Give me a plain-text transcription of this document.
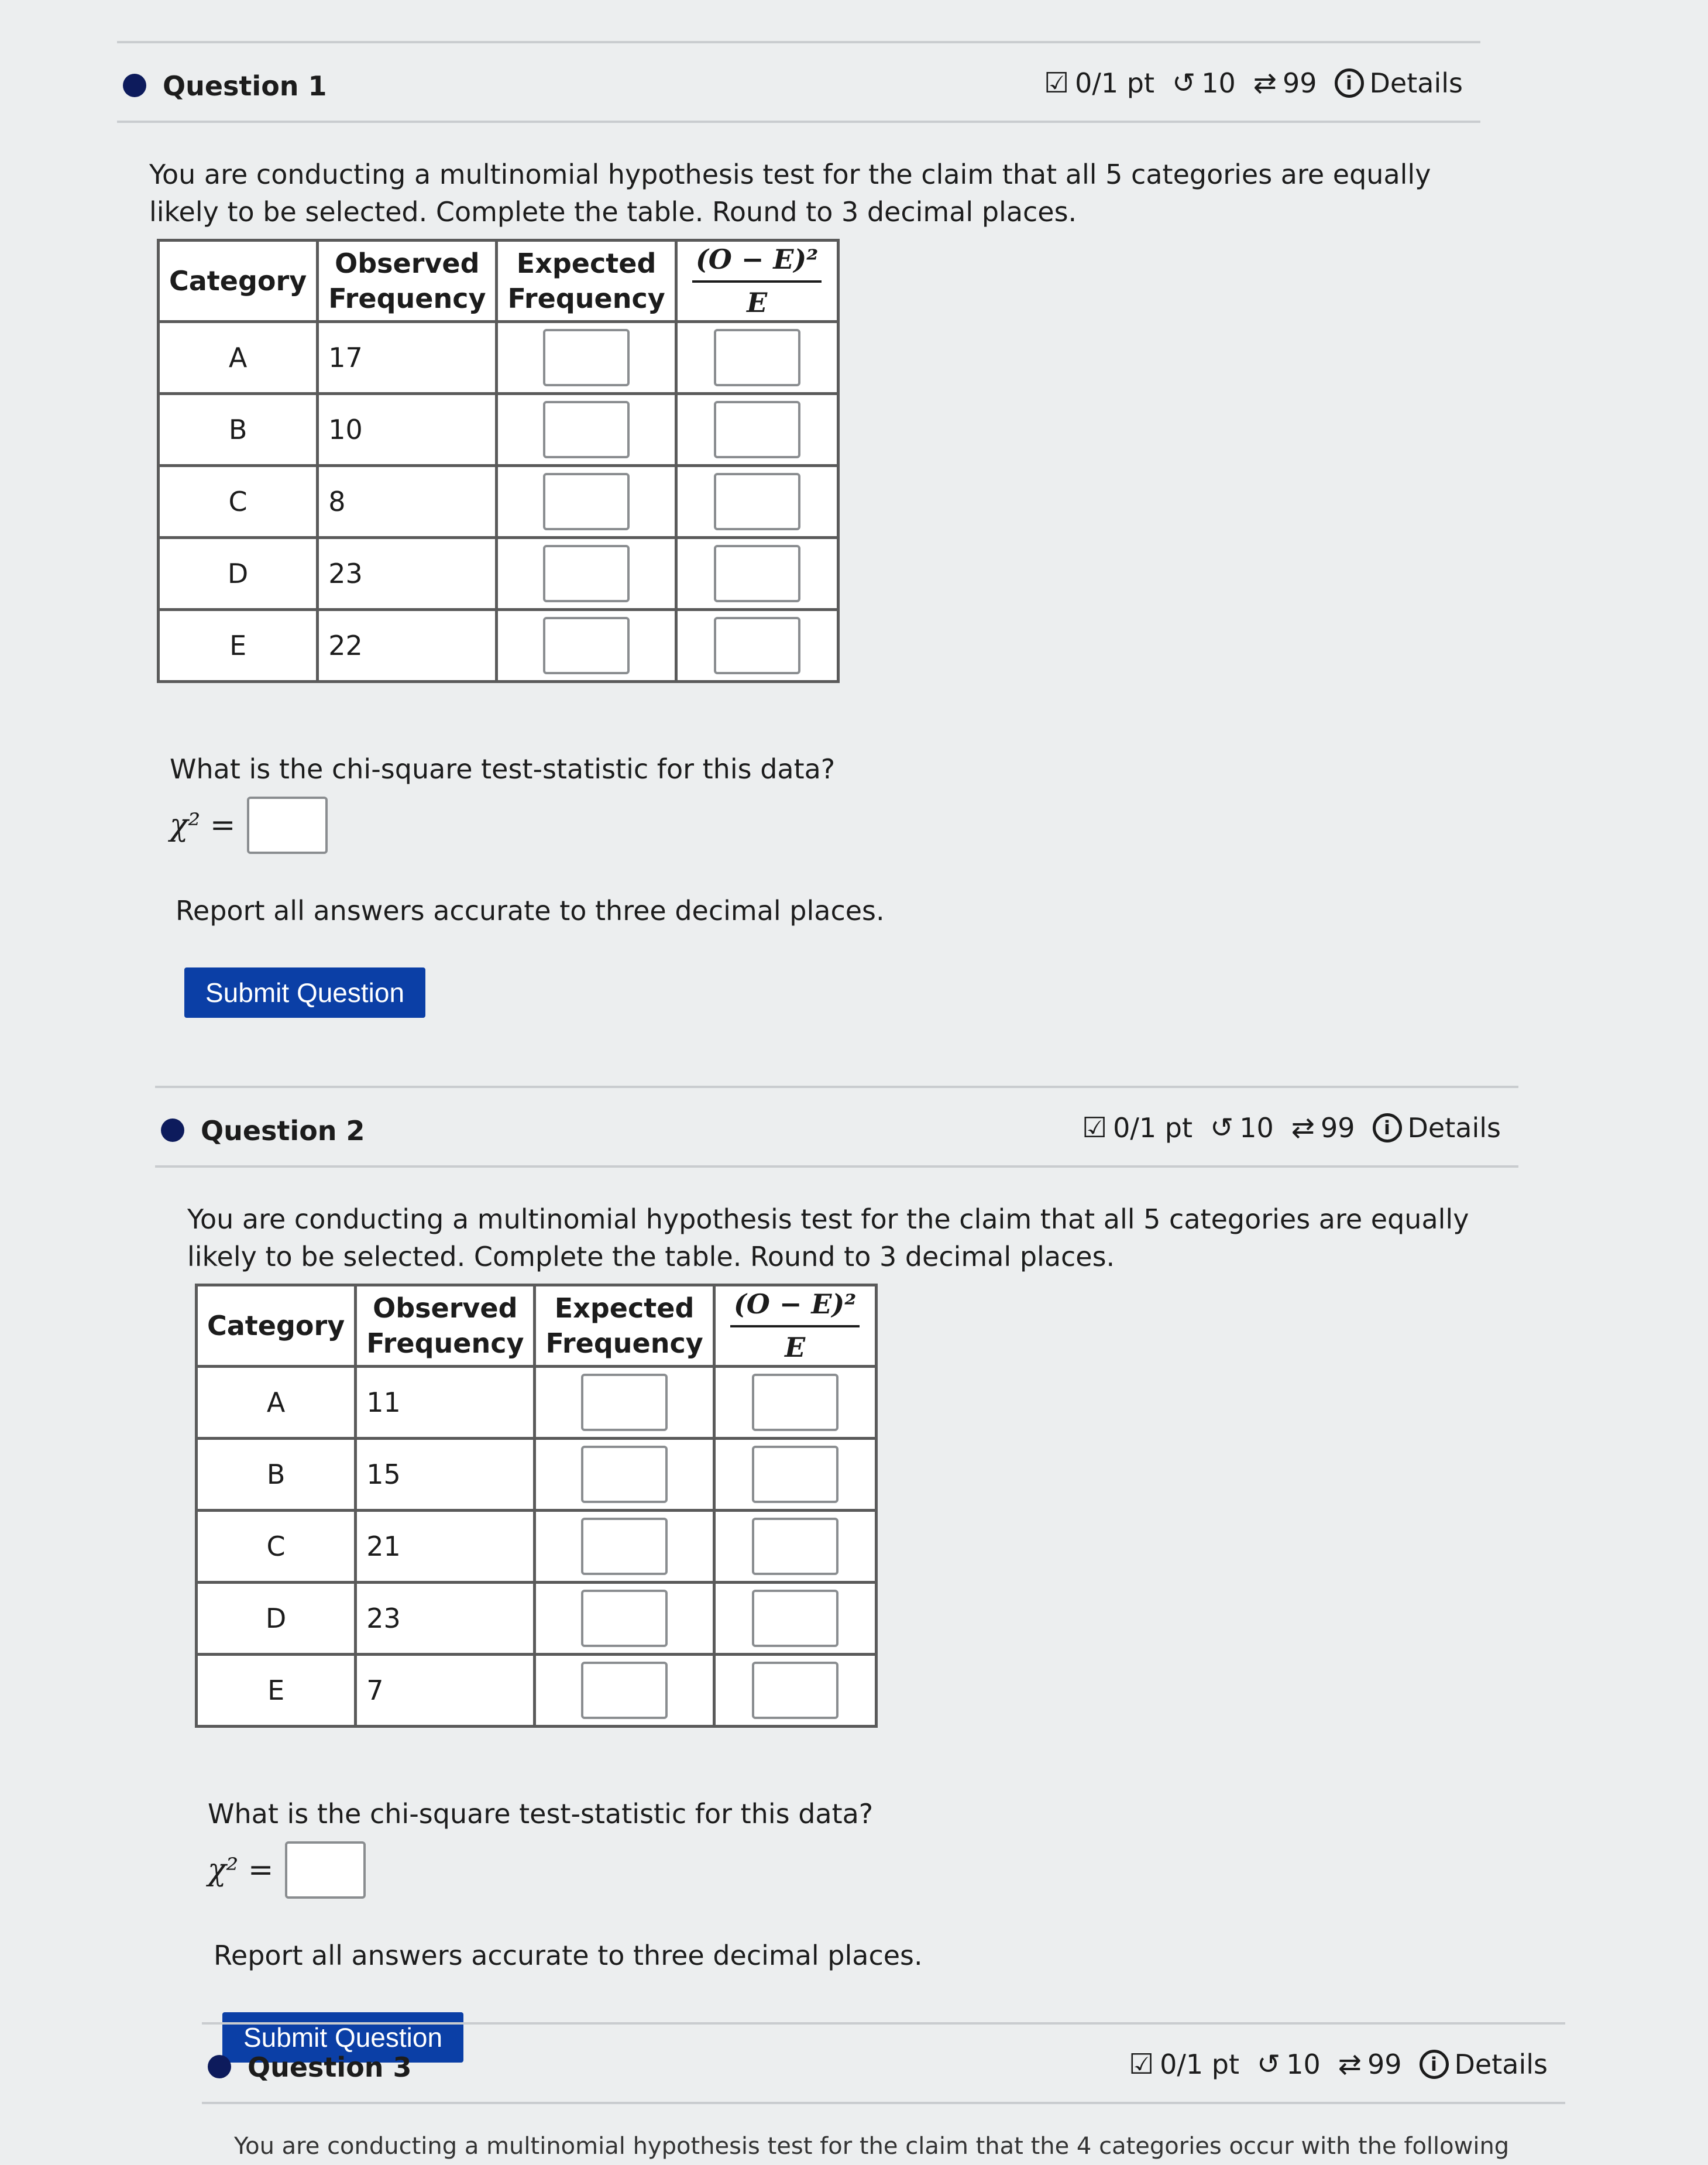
Question 1	☑ 0/1 pt ↺ 10 ⇄ 99	i Details
You are conducting a multinomial hypothesis test for the claim that all 5 categories are equally likely to be selected. Complete the table. Round to 3 decimal places.
Category	Observed Frequency	Expected Frequency	$\frac{\text{(O − E)²}}{E}$

A	17		
B	10		
C	8		
D	23		
E	22		
What is the chi-square test-statistic for this data?
χ² =
Report all answers accurate to three decimal places.
Submit Question
Question 2	☑ 0/1 pt ↺ 10 ⇄ 99	i Details
You are conducting a multinomial hypothesis test for the claim that all 5 categories are equally likely to be selected. Complete the table. Round to 3 decimal places.
Category	Observed Frequency	Expected Frequency	$\frac{\text{(O − E)²}}{E}$

A	11		
B	15		
C	21		
D	23		
E	7		
What is the chi-square test-statistic for this data?
χ² =
Report all answers accurate to three decimal places.
Submit Question
Question 3	☑ 0/1 pt ↺ 10 ⇄ 99	i Details
You are conducting a multinomial hypothesis test for the claim that the 4 categories occur with the following
